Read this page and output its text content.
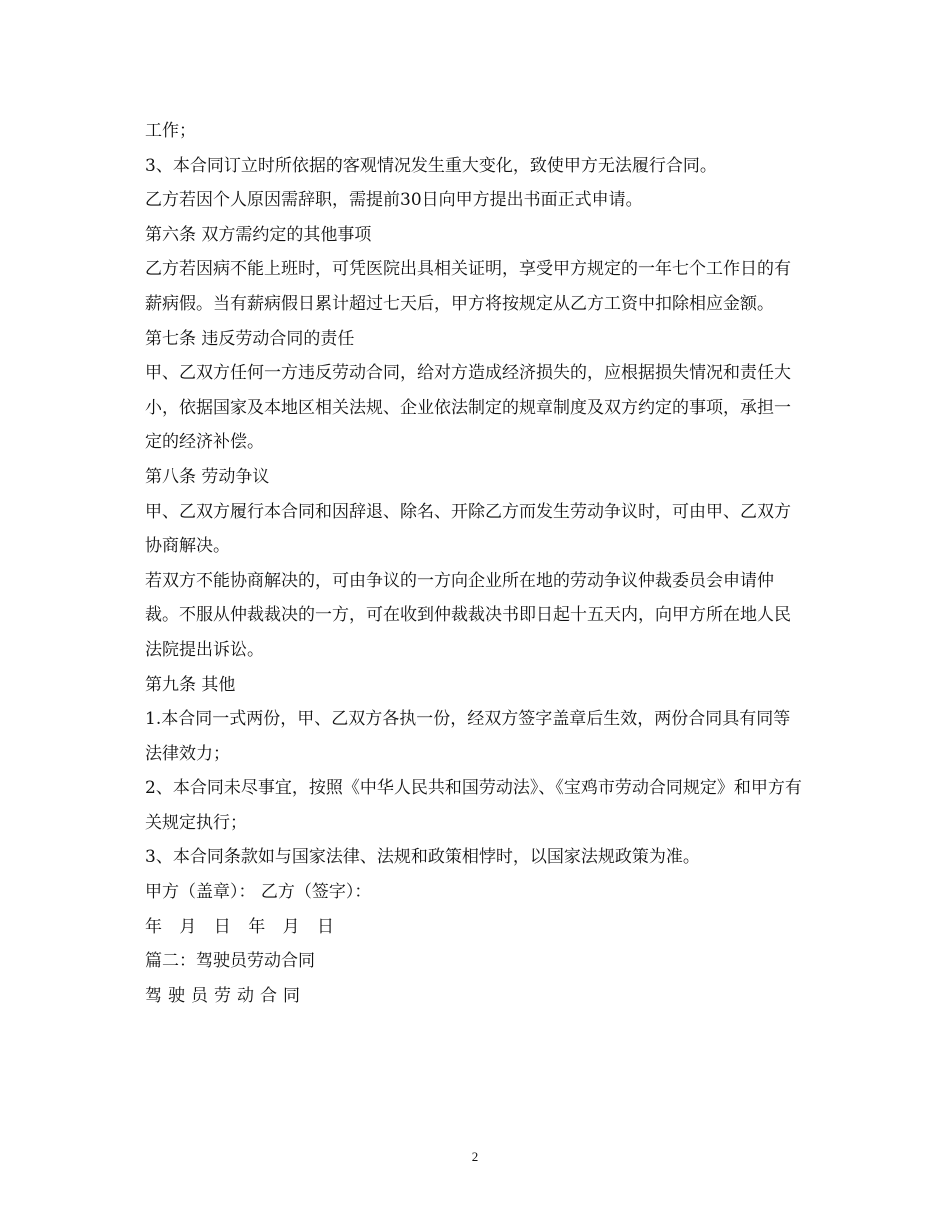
工作；

3、本合同订立时所依据的客观情况发生重大变化，致使甲方无法履行合同。

乙方若因个人原因需辞职，需提前30日向甲方提出书面正式申请。

第六条 双方需约定的其他事项

乙方若因病不能上班时，可凭医院出具相关证明，享受甲方规定的一年七个工作日的有薪病假。当有薪病假日累计超过七天后，甲方将按规定从乙方工资中扣除相应金额。

第七条 违反劳动合同的责任

甲、乙双方任何一方违反劳动合同，给对方造成经济损失的，应根据损失情况和责任大小，依据国家及本地区相关法规、企业依法制定的规章制度及双方约定的事项，承担一定的经济补偿。

第八条 劳动争议

甲、乙双方履行本合同和因辞退、除名、开除乙方而发生劳动争议时，可由甲、乙双方协商解决。

若双方不能协商解决的，可由争议的一方向企业所在地的劳动争议仲裁委员会申请仲裁。不服从仲裁裁决的一方，可在收到仲裁裁决书即日起十五天内，向甲方所在地人民法院提出诉讼。

第九条 其他

1.本合同一式两份，甲、乙双方各执一份，经双方签字盖章后生效，两份合同具有同等法律效力；

2、本合同未尽事宜，按照《中华人民共和国劳动法》、《宝鸡市劳动合同规定》和甲方有关规定执行；

3、本合同条款如与国家法律、法规和政策相悖时，以国家法规政策为准。

甲方（盖章）： 乙方（签字）：

年 月 日 年 月 日

篇二：驾驶员劳动合同

驾驶员劳动合同

2
